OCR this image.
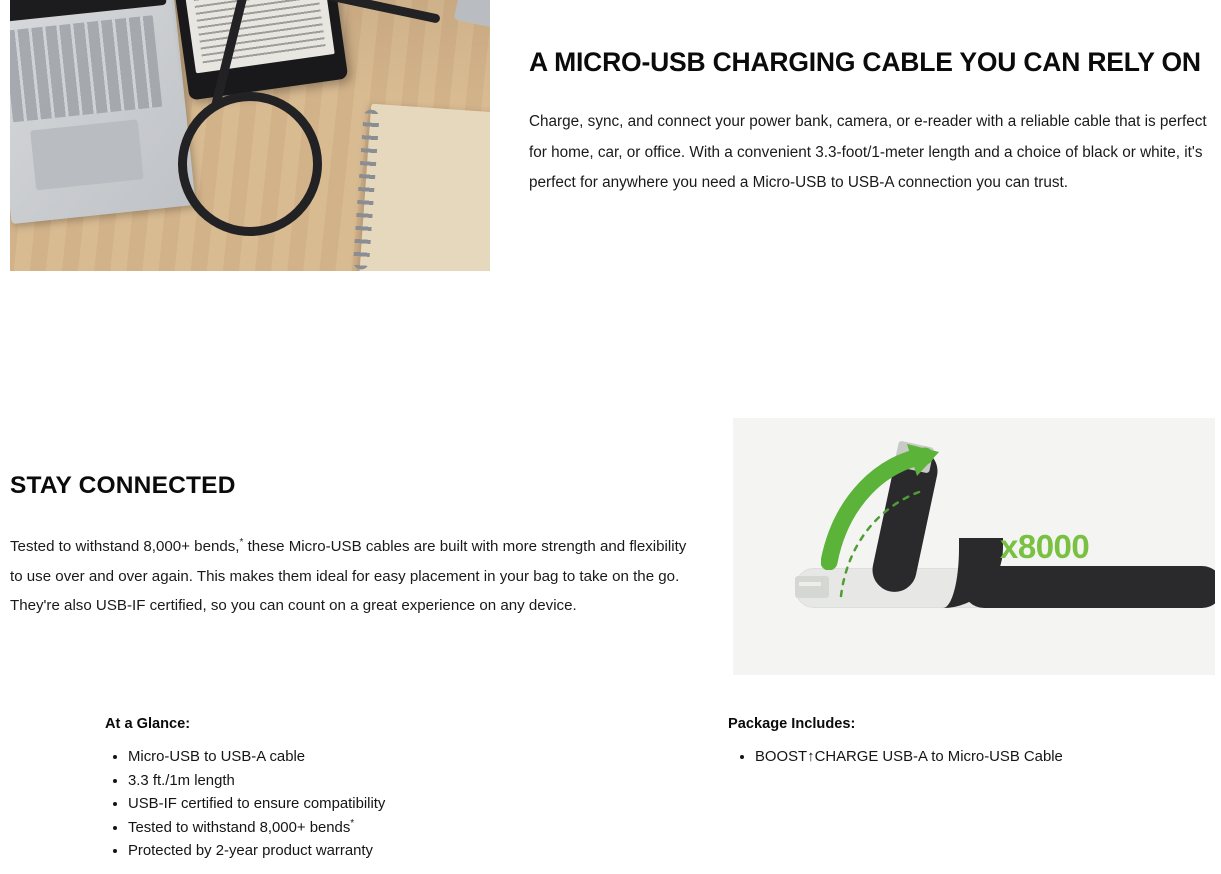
A MICRO-USB CHARGING CABLE YOU CAN RELY ON

Charge, sync, and connect your power bank, camera, or e-reader with a reliable cable that is perfect for home, car, or office. With a convenient 3.3-foot/1-meter length and a choice of black or white, it's perfect for anywhere you need a Micro-USB to USB-A connection you can trust.

STAY CONNECTED

Tested to withstand 8,000+ bends,* these Micro-USB cables are built with more strength and flexibility to use over and over again. This makes them ideal for easy placement in your bag to take on the go. They're also USB-IF certified, so you can count on a great experience on any device.

x8000
At a Glance:
• Micro-USB to USB-A cable
• 3.3 ft./1m length
• USB-IF certified to ensure compatibility
• Tested to withstand 8,000+ bends*
• Protected by 2-year product warranty
Package Includes:
• BOOST↑CHARGE USB-A to Micro-USB Cable
